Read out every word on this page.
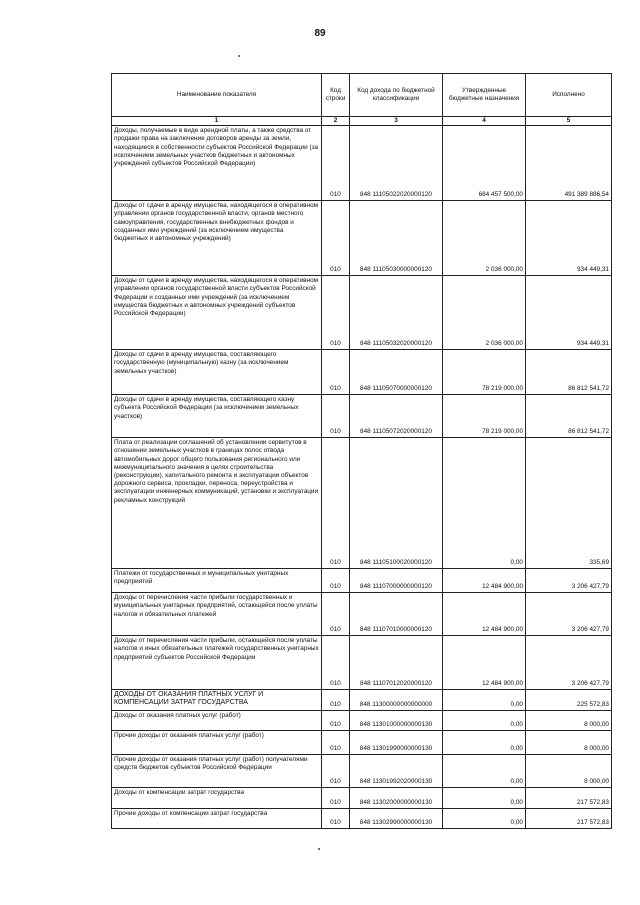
89
Наименование показателя	Код строки	Код дохода по бюджетной классификации	Утвержденные бюджетные назначения	Исполнено
1	2	3	4	5
Доходы, получаемые в виде арендной платы, а также средства от продажи права на заключение договоров аренды за земли, находящиеся в собственности субъектов Российской Федерации (за исключением земельных участков бюджетных и автономных учреждений субъектов Российской Федерации)	010	848 11105022020000120	684 457 500,00	491 389 886,54
Доходы от сдачи в аренду имущества, находящегося в оперативном управлении органов государственной власти, органов местного самоуправления, государственных внебюджетных фондов и созданных ими учреждений (за исключением имущества бюджетных и автономных учреждений)	010	848 11105030000000120	2 036 000,00	934 449,31
Доходы от сдачи в аренду имущества, находящегося в оперативном управлении органов государственной власти субъектов Российской Федерации и созданных ими учреждений (за исключением имущества бюджетных и автономных учреждений субъектов Российской Федерации)	010	848 11105032020000120	2 036 000,00	934 449,31
Доходы от сдачи в аренду имущества, составляющего государственную (муниципальную) казну (за исключением земельных участков)	010	848 11105070000000120	78 219 000,00	86 812 541,72
Доходы от сдачи в аренду имущества, составляющего казну субъекта Российской Федерации (за исключением земельных участков)	010	848 11105072020000120	78 219 000,00	86 812 541,72
Плата от реализации соглашений об установлении сервитутов в отношении земельных участков в границах полос отвода автомобильных дорог общего пользования регионального или межмуниципального значения в целях строительства (реконструкции), капитального ремонта и эксплуатации объектов дорожного сервиса, прокладки, переноса, переустройства и эксплуатации инженерных коммуникаций, установки и эксплуатации рекламных конструкций	010	848 11105100020000120	0,00	335,69
Платежи от государственных и муниципальных унитарных предприятий	010	848 11107000000000120	12 484 900,00	3 206 427,79
Доходы от перечисления части прибыли государственных и муниципальных унитарных предприятий, остающейся после уплаты налогов и обязательных платежей	010	848 11107010000000120	12 484 900,00	3 206 427,79
Доходы от перечисления части прибыли, остающейся после уплаты налогов и иных обязательных платежей государственных унитарных предприятий субъектов Российской Федерации	010	848 11107012020000120	12 484 900,00	3 206 427,79
ДОХОДЫ ОТ ОКАЗАНИЯ ПЛАТНЫХ УСЛУГ И КОМПЕНСАЦИИ ЗАТРАТ ГОСУДАРСТВА	010	848 11300000000000000	0,00	225 572,83
Доходы от оказания платных услуг (работ)	010	848 11301000000000130	0,00	8 000,00
Прочие доходы от оказания платных услуг (работ)	010	848 11301990000000130	0,00	8 000,00
Прочие доходы от оказания платных услуг (работ) получателями средств бюджетов субъектов Российской Федерации	010	848 11301992020000130	0,00	8 000,00
Доходы от компенсации затрат государства	010	848 11302000000000130	0,00	217 572,83
Прочие доходы от компенсации затрат государства	010	848 11302990000000130	0,00	217 572,83
